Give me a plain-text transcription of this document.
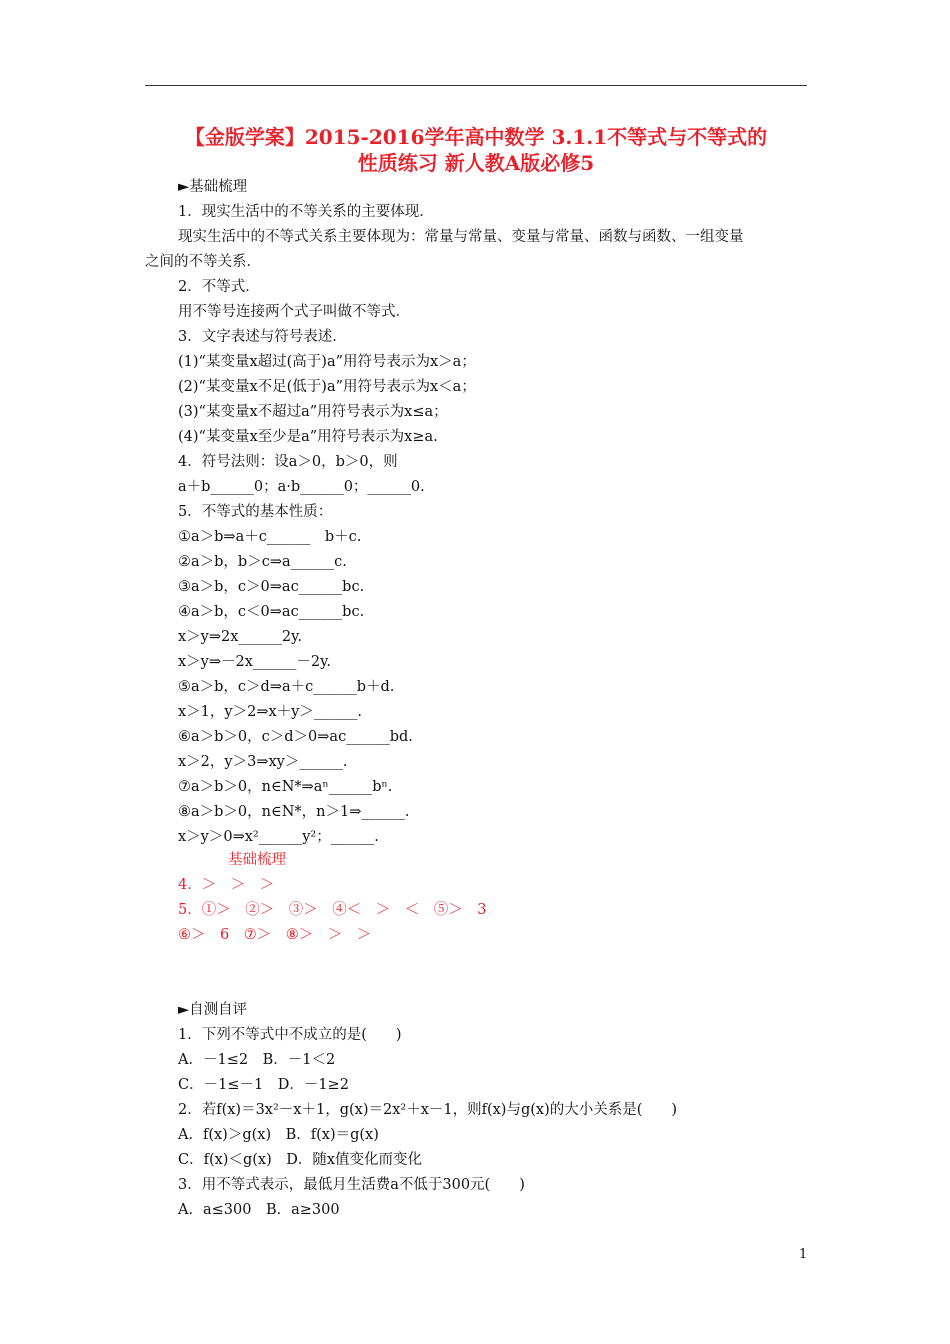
【金版学案】2015-2016学年高中数学 3.1.1不等式与不等式的
性质练习 新人教A版必修5
►基础梳理
1．现实生活中的不等关系的主要体现．
现实生活中的不等式关系主要体现为：常量与常量、变量与常量、函数与函数、一组变量
之间的不等关系．
2．不等式．
用不等号连接两个式子叫做不等式．
3．文字表述与符号表述．
(1)“某变量x超过(高于)a”用符号表示为x＞a；
(2)“某变量x不足(低于)a”用符号表示为x＜a；
(3)“某变量x不超过a”用符号表示为x≤a；
(4)“某变量x至少是a”用符号表示为x≥a.
4．符号法则：设a＞0，b＞0，则
a＋b______0；a·b______0；______0.
5．不等式的基本性质：
①a＞b⇒a＋c______　b＋c.
②a＞b，b＞c⇒a______c.
③a＞b，c＞0⇒ac______bc.
④a＞b，c＜0⇒ac______bc.
x＞y⇒2x______2y.
x＞y⇒－2x______－2y.
⑤a＞b，c＞d⇒a＋c______b＋d.
x＞1，y＞2⇒x＋y＞______.
⑥a＞b＞0，c＞d＞0⇒ac______bd.
x＞2，y＞3⇒xy＞______.
⑦a＞b＞0，n∈N*⇒aⁿ______bⁿ.
⑧a＞b＞0，n∈N*，n＞1⇒______.
x＞y＞0⇒x²______y²；______.
基础梳理
4．＞　＞　＞
5．①＞　②＞　③＞　④＜　＞　＜　⑤＞　3
⑥＞　6　⑦＞　⑧＞　＞　＞
►自测自评
1．下列不等式中不成立的是(　　)
A．－1≤2　B．－1＜2
C．－1≤－1　D．－1≥2
2．若f(x)＝3x²－x＋1，g(x)＝2x²＋x－1，则f(x)与g(x)的大小关系是(　　)
A．f(x)＞g(x)　B．f(x)＝g(x)
C．f(x)＜g(x)　D．随x值变化而变化
3．用不等式表示，最低月生活费a不低于300元(　　)
A．a≤300　B．a≥300
1
